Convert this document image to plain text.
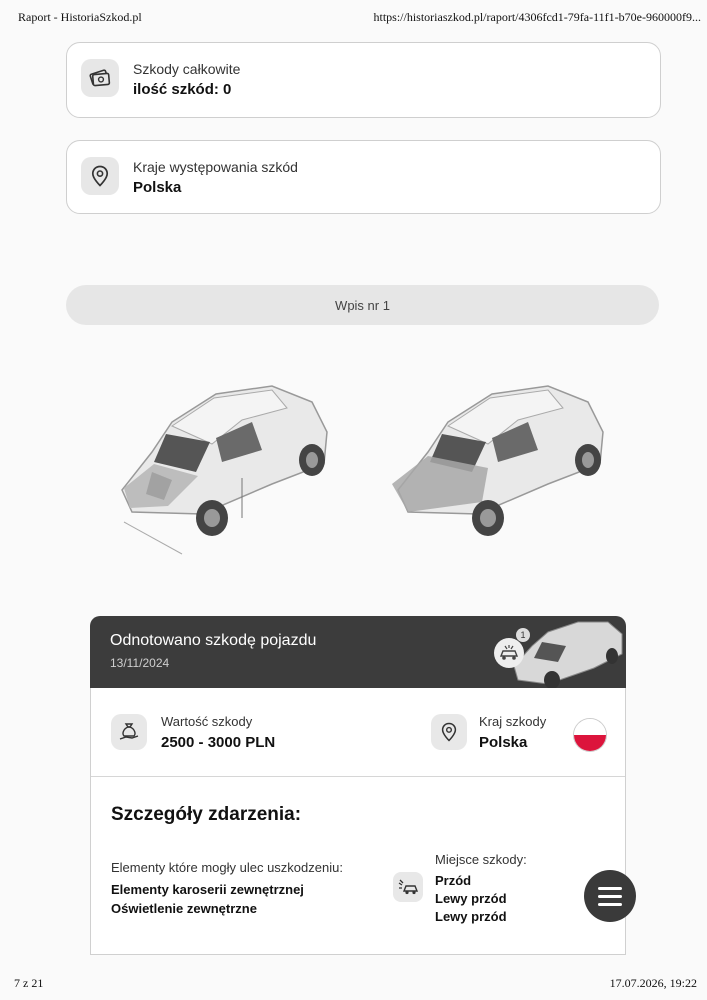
Raport - HistoriaSzkod.pl	https://historiaszkod.pl/raport/4306fcd1-79fa-11f1-b70e-960000f9...
Szkody całkowite
ilość szkód: 0
Kraje występowania szkód
Polska
Wpis nr 1
Odnotowano szkodę pojazdu
13/11/2024
1
Wartość szkody
2500 - 3000 PLN
Kraj szkody
Polska
Szczegóły zdarzenia:
Elementy które mogły ulec uszkodzeniu:
Elementy karoserii zewnętrznej
Oświetlenie zewnętrzne
Miejsce szkody:
Przód
Lewy przód
Lewy przód
7 z 21	17.07.2026, 19:22
